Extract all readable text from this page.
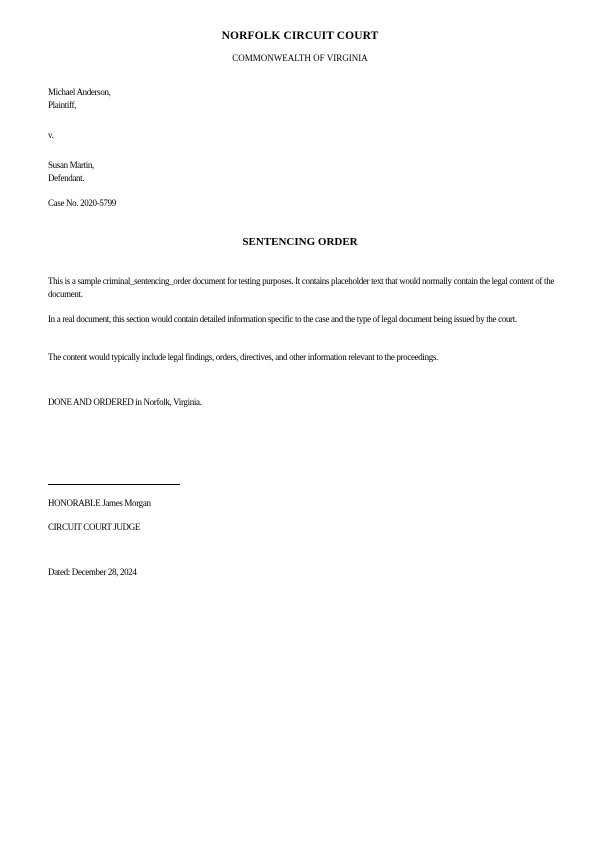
NORFOLK CIRCUIT COURT
COMMONWEALTH OF VIRGINIA
Michael Anderson,
Plaintiff,
v.
Susan Martin,
Defendant.
Case No. 2020-5799
SENTENCING ORDER
This is a sample criminal_sentencing_order document for testing purposes. It contains placeholder text that would normally contain the legal content of the document.
In a real document, this section would contain detailed information specific to the case and the type of legal document being issued by the court.
The content would typically include legal findings, orders, directives, and other information relevant to the proceedings.
DONE AND ORDERED in Norfolk, Virginia.
HONORABLE James Morgan
CIRCUIT COURT JUDGE
Dated: December 28, 2024
